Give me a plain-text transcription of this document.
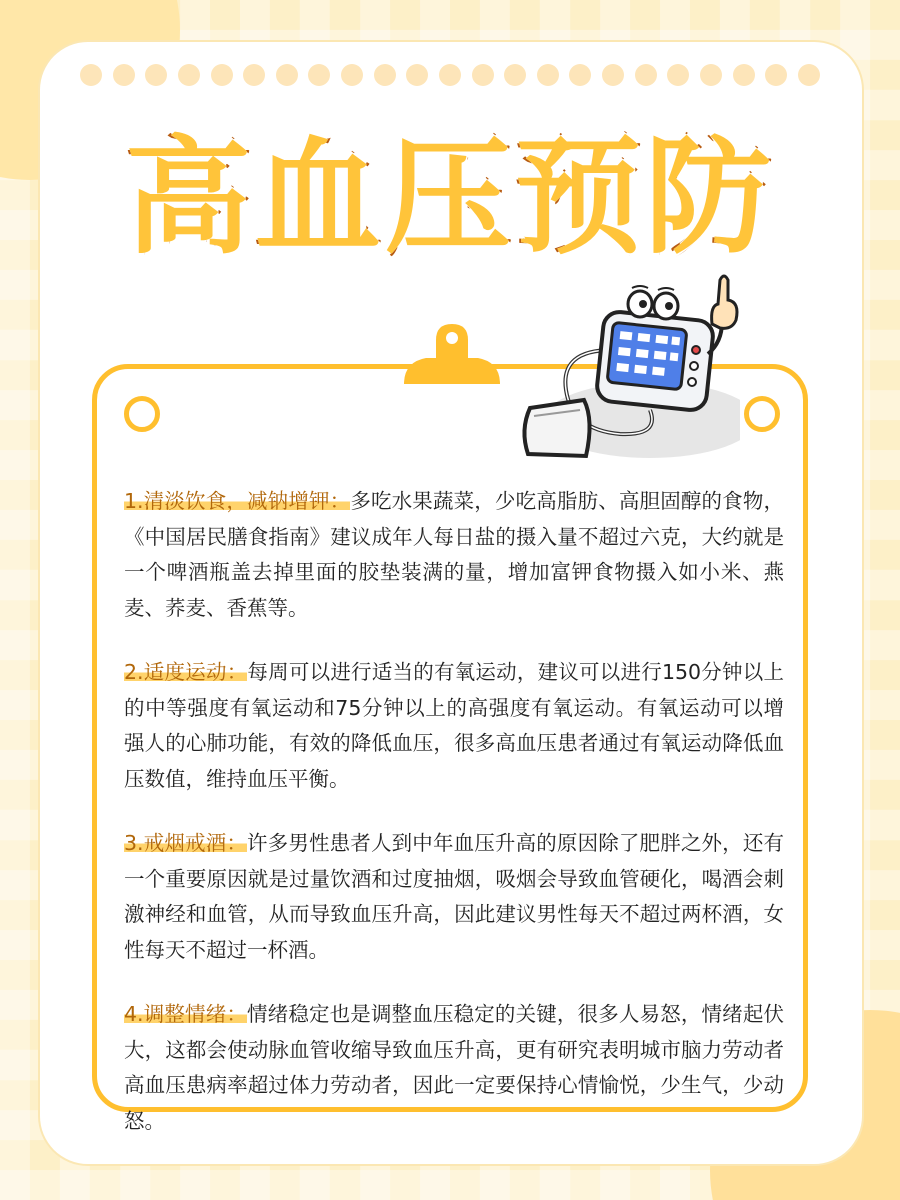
高血压预防

1.清淡饮食，减钠增钾：多吃水果蔬菜，少吃高脂肪、高胆固醇的食物，《中国居民膳食指南》建议成年人每日盐的摄入量不超过六克，大约就是一个啤酒瓶盖去掉里面的胶垫装满的量，增加富钾食物摄入如小米、燕麦、荞麦、香蕉等。

2.适度运动：每周可以进行适当的有氧运动，建议可以进行150分钟以上的中等强度有氧运动和75分钟以上的高强度有氧运动。有氧运动可以增强人的心肺功能，有效的降低血压，很多高血压患者通过有氧运动降低血压数值，维持血压平衡。

3.戒烟戒酒：许多男性患者人到中年血压升高的原因除了肥胖之外，还有一个重要原因就是过量饮酒和过度抽烟，吸烟会导致血管硬化，喝酒会刺激神经和血管，从而导致血压升高，因此建议男性每天不超过两杯酒，女性每天不超过一杯酒。

4.调整情绪：情绪稳定也是调整血压稳定的关键，很多人易怒，情绪起伏大，这都会使动脉血管收缩导致血压升高，更有研究表明城市脑力劳动者高血压患病率超过体力劳动者，因此一定要保持心情愉悦，少生气，少动怒。
